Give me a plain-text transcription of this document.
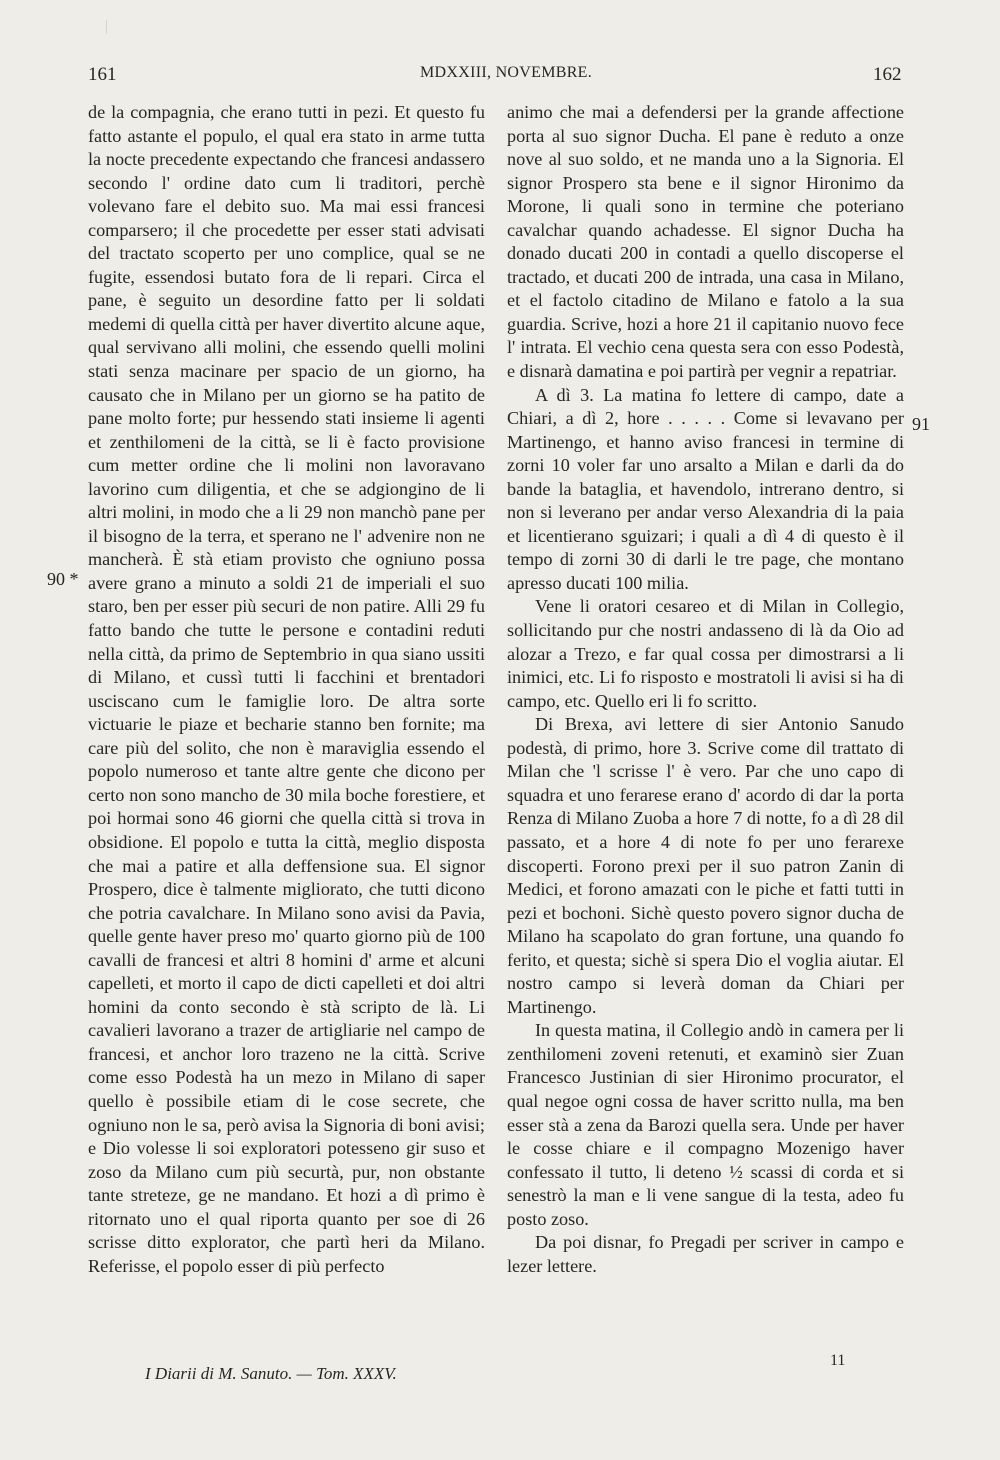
161	MDXXIII, NOVEMBRE.	162

de la compagnia, che erano tutti in pezi. Et questo fu fatto astante el populo, el qual era stato in arme tutta la nocte precedente expectando che francesi andassero secondo l' ordine dato cum li traditori, perchè volevano fare el debito suo. Ma mai essi francesi comparsero; il che procedette per esser stati advisati del tractato scoperto per uno complice, qual se ne fugite, essendosi butato fora de li repari. Circa el pane, è seguito un desordine fatto per li soldati medemi di quella città per haver divertito alcune aque, qual servivano alli molini, che essendo quelli molini stati senza macinare per spacio de un giorno, ha causato che in Milano per un giorno se ha patito de pane molto forte; pur hessendo stati insieme li agenti et zenthilomeni de la città, se li è facto provisione cum metter ordine che li molini non lavoravano lavorino cum diligentia, et che se adgiongino de li altri molini, in modo che a li 29 non manchò pane per il bisogno de la terra, et sperano ne l' advenire non ne mancherà. È stà etiam provisto che ogniuno possa avere grano a minuto a soldi 21 de imperiali el suo staro, ben per esser più securi de non patire. Alli 29 fu fatto bando che tutte le persone e contadini reduti nella città, da primo de Septembrio in qua siano ussiti di Milano, et cussì tutti li facchini et brentadori usciscano cum le famiglie loro. De altra sorte victuarie le piaze et becharie stanno ben fornite; ma care più del solito, che non è maraviglia essendo el popolo numeroso et tante altre gente che dicono per certo non sono mancho de 30 mila boche forestiere, et poi hormai sono 46 giorni che quella città si trova in obsidione. El popolo e tutta la città, meglio disposta che mai a patire et alla deffensione sua. El signor Prospero, dice è talmente migliorato, che tutti dicono che potria cavalchare. In Milano sono avisi da Pavia, quelle gente haver preso mo' quarto giorno più de 100 cavalli de francesi et altri 8 homini d' arme et alcuni capelleti, et morto il capo de dicti capelleti et doi altri homini da conto secondo è stà scripto de là. Li cavalieri lavorano a trazer de artigliarie nel campo de francesi, et anchor loro trazeno ne la città. Scrive come esso Podestà ha un mezo in Milano di saper quello è possibile etiam di le cose secrete, che ogniuno non le sa, però avisa la Signoria di boni avisi; e Dio volesse li soi exploratori potesseno gir suso et zoso da Milano cum più securtà, pur, non obstante tante streteze, ge ne mandano. Et hozi a dì primo è ritornato uno el qual riporta quanto per soe di 26 scrisse ditto explorator, che partì heri da Milano. Referisse, el popolo esser di più perfecto

90 *

animo che mai a defendersi per la grande affectione porta al suo signor Ducha. El pane è reduto a onze nove al suo soldo, et ne manda uno a la Signoria. El signor Prospero sta bene e il signor Hironimo da Morone, li quali sono in termine che poteriano cavalchar quando achadesse. El signor Ducha ha donado ducati 200 in contadi a quello discoperse el tractado, et ducati 200 de intrada, una casa in Milano, et el factolo citadino de Milano e fatolo a la sua guardia. Scrive, hozi a hore 21 il capitanio nuovo fece l' intrata. El vechio cena questa sera con esso Podestà, e disnarà damatina e poi partirà per vegnir a repatriar.

A dì 3. La matina fo lettere di campo, date a Chiari, a dì 2, hore . . . . . Come si levavano per Martinengo, et hanno aviso francesi in termine di zorni 10 voler far uno arsalto a Milan e darli da do bande la bataglia, et havendolo, intrerano dentro, si non si leverano per andar verso Alexandria di la paia et licentierano sguizari; i quali a dì 4 di questo è il tempo di zorni 30 di darli le tre page, che montano apresso ducati 100 milia.

Vene li oratori cesareo et di Milan in Collegio, sollicitando pur che nostri andasseno di là da Oio ad alozar a Trezo, e far qual cossa per dimostrarsi a li inimici, etc. Li fo risposto e mostratoli li avisi si ha di campo, etc. Quello eri li fo scritto.

Di Brexa, avi lettere di sier Antonio Sanudo podestà, di primo, hore 3. Scrive come dil trattato di Milan che 'l scrisse l' è vero. Par che uno capo di squadra et uno ferarese erano d' acordo di dar la porta Renza di Milano Zuoba a hore 7 di notte, fo a dì 28 dil passato, et a hore 4 di note fo per uno ferarexe discoperti. Forono prexi per il suo patron Zanin di Medici, et forono amazati con le piche et fatti tutti in pezi et bochoni. Sichè questo povero signor ducha de Milano ha scapolato do gran fortune, una quando fo ferito, et questa; sichè si spera Dio el voglia aiutar. El nostro campo si leverà doman da Chiari per Martinengo.

In questa matina, il Collegio andò in camera per li zenthilomeni zoveni retenuti, et examinò sier Zuan Francesco Justinian di sier Hironimo procurator, el qual negoe ogni cossa de haver scritto nulla, ma ben esser stà a zena da Barozi quella sera. Unde per haver le cosse chiare e il compagno Mozenigo haver confessato il tutto, li deteno ½ scassi di corda et si senestrò la man e li vene sangue di la testa, adeo fu posto zoso.

Da poi disnar, fo Pregadi per scriver in campo e lezer lettere.

91
I Diarii di M. Sanuto. — Tom. XXXV.
11
